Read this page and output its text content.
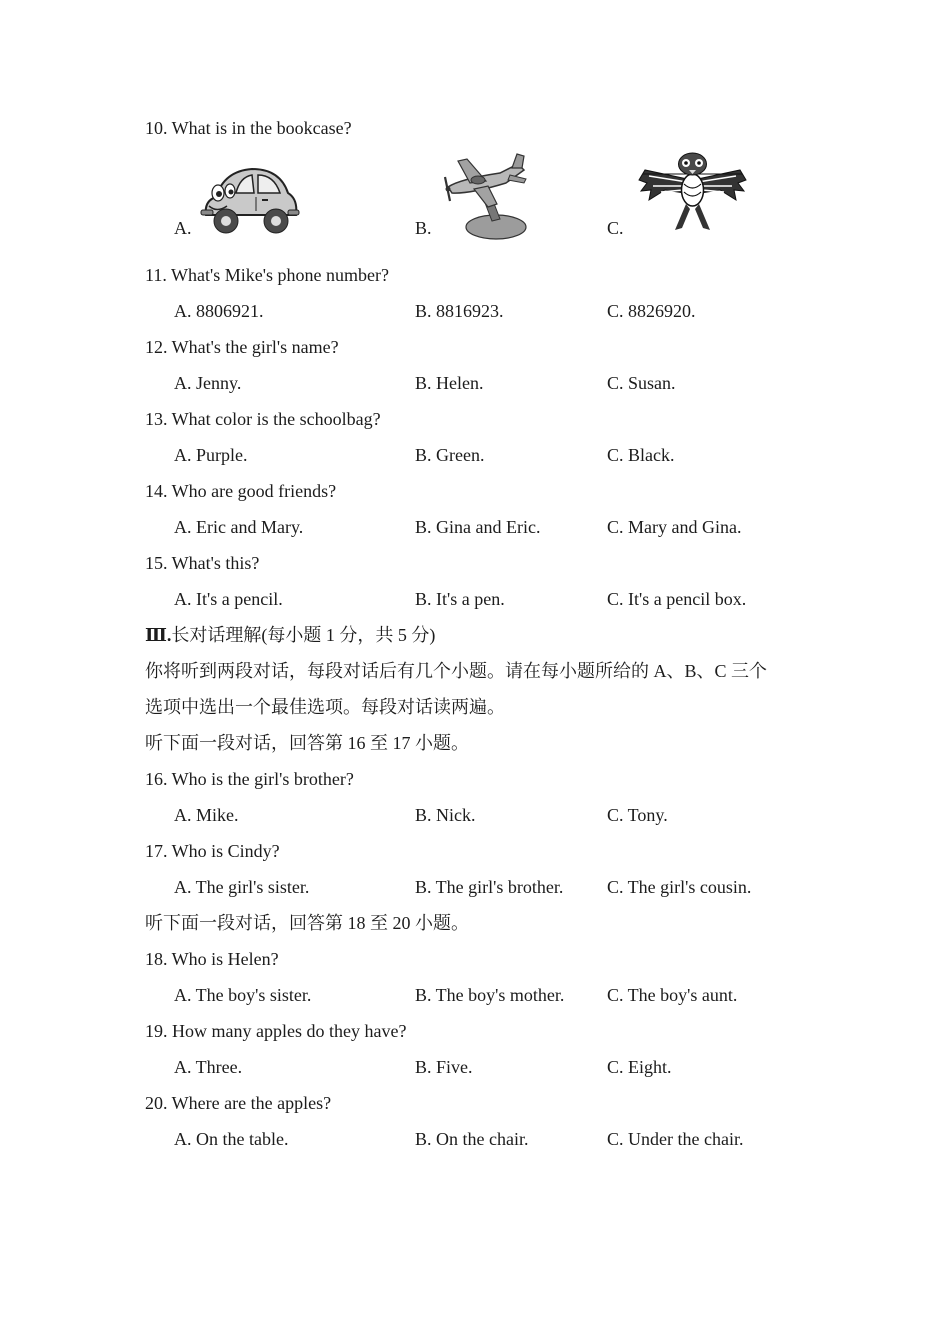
10. What is in the bookcase?
A.	B.	C.
11. What's Mike's phone number?
A. 8806921.	B. 8816923.	C. 8826920.
12. What's the girl's name?
A. Jenny.	B. Helen.	C. Susan.
13. What color is the schoolbag?
A. Purple.	B. Green.	C. Black.
14. Who are good friends?
A. Eric and Mary.	B. Gina and Eric.	C. Mary and Gina.
15. What's this?
A. It's a pencil.	B. It's a pen.	C. It's a pencil box.
Ⅲ.长对话理解(每小题 1 分，共 5 分)
你将听到两段对话，每段对话后有几个小题。请在每小题所给的 A、B、C 三个
选项中选出一个最佳选项。每段对话读两遍。
听下面一段对话，回答第 16 至 17 小题。
16. Who is the girl's brother?
A. Mike.	B. Nick.	C. Tony.
17. Who is Cindy?
A. The girl's sister.	B. The girl's brother.	C. The girl's cousin.
听下面一段对话，回答第 18 至 20 小题。
18. Who is Helen?
A. The boy's sister.	B. The boy's mother.	C. The boy's aunt.
19. How many apples do they have?
A. Three.	B. Five.	C. Eight.
20. Where are the apples?
A. On the table.	B. On the chair.	C. Under the chair.
